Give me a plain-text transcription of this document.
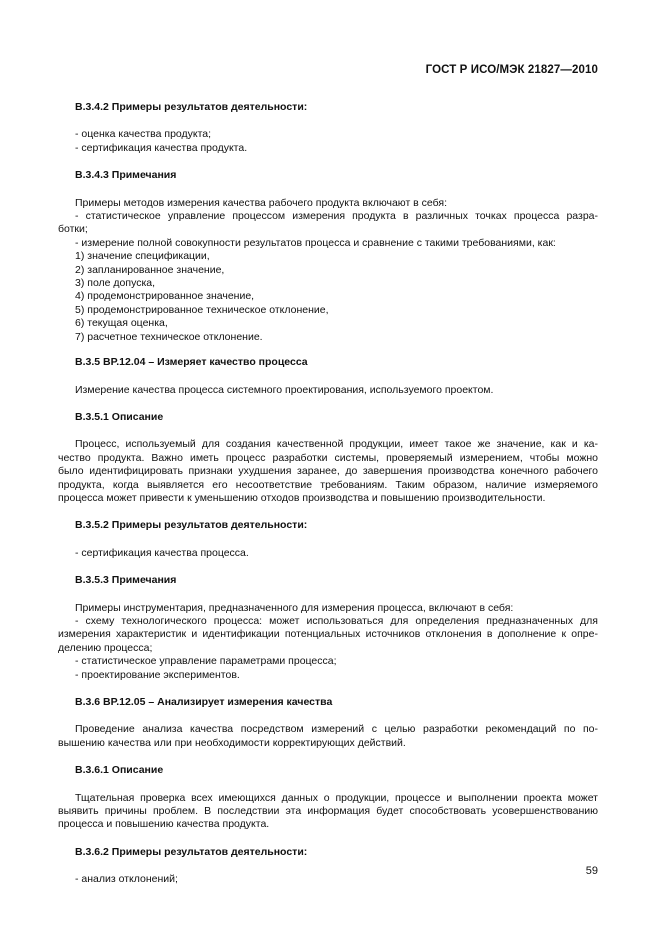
ГОСТ Р ИСО/МЭК 21827—2010

B.3.4.2 Примеры результатов деятельности:

- оценка качества продукта;

- сертификация качества продукта.

B.3.4.3 Примечания

Примеры методов измерения качества рабочего продукта включают в себя:

- статистическое управление процессом измерения продукта в различных точках процесса разра-

ботки;

- измерение полной совокупности результатов процесса и сравнение с такими требованиями, как:

1) значение спецификации,

2) запланированное значение,

3) поле допуска,

4) продемонстрированное значение,

5) продемонстрированное техническое отклонение,

6) текущая оценка,

7) расчетное техническое отклонение.

B.3.5 BP.12.04 – Измеряет качество процесса

Измерение качества процесса системного проектирования, используемого проектом.

B.3.5.1 Описание

Процесс, используемый для создания качественной продукции, имеет такое же значение, как и ка-

чество продукта. Важно иметь процесс разработки системы, проверяемый измерением, чтобы можно

было идентифицировать признаки ухудшения заранее, до завершения производства конечного рабочего

продукта, когда выявляется его несоответствие требованиям. Таким образом, наличие измеряемого

процесса может привести к уменьшению отходов производства и повышению производительности.

B.3.5.2 Примеры результатов деятельности:

- сертификация качества процесса.

B.3.5.3 Примечания

Примеры инструментария, предназначенного для измерения процесса, включают в себя:

- схему технологического процесса: может использоваться для определения предназначенных для

измерения характеристик и идентификации потенциальных источников отклонения в дополнение к опре-

делению процесса;

- статистическое управление параметрами процесса;

- проектирование экспериментов.

B.3.6 BP.12.05 – Анализирует измерения качества

Проведение анализа качества посредством измерений с целью разработки рекомендаций по по-

вышению качества или при необходимости корректирующих действий.

B.3.6.1 Описание

Тщательная проверка всех имеющихся данных о продукции, процессе и выполнении проекта может

выявить причины проблем. В последствии эта информация будет способствовать усовершенствованию

процесса и повышению качества продукта.

B.3.6.2 Примеры результатов деятельности:

- анализ отклонений;

59
